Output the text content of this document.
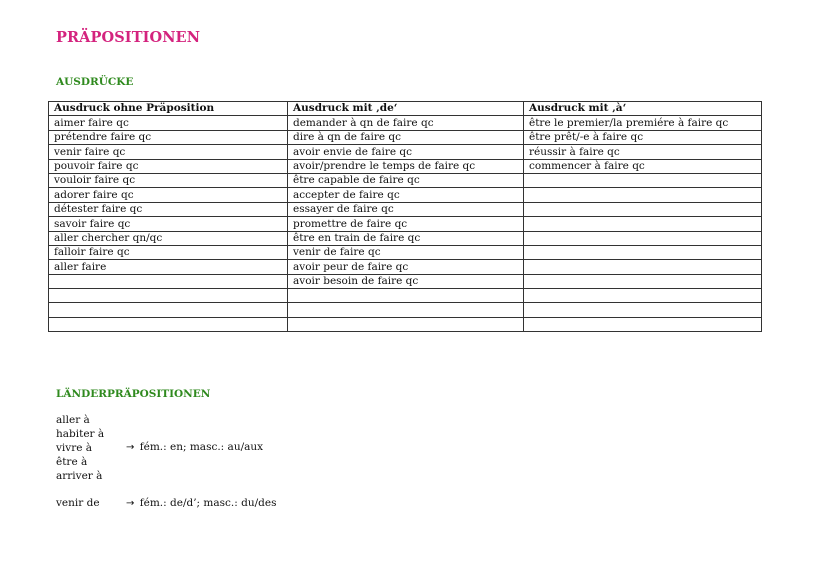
PRÄPOSITIONEN
AUSDRÜCKE
Ausdruck ohne Präposition	Ausdruck mit ‚de‘	Ausdruck mit ‚à‘
aimer faire qc	demander à qn de faire qc	être le premier/la premiére à faire qc
prétendre faire qc	dire à qn de faire qc	être prêt/-e à faire qc
venir faire qc	avoir envie de faire qc	réussir à faire qc
pouvoir faire qc	avoir/prendre le temps de faire qc	commencer à faire qc
vouloir faire qc	être capable de faire qc	
adorer faire qc	accepter de faire qc	
détester faire qc	essayer de faire qc	
savoir faire qc	promettre de faire qc	
aller chercher qn/qc	être en train de faire qc	
falloir faire qc	venir de faire qc	
aller faire	avoir peur de faire qc	
	avoir besoin de faire qc	

LÄNDERPRÄPOSITIONEN
aller à
habiter à
vivre à
être à
arriver à
→ fém.: en; masc.: au/aux
venir de	→ fém.: de/d’; masc.: du/des
